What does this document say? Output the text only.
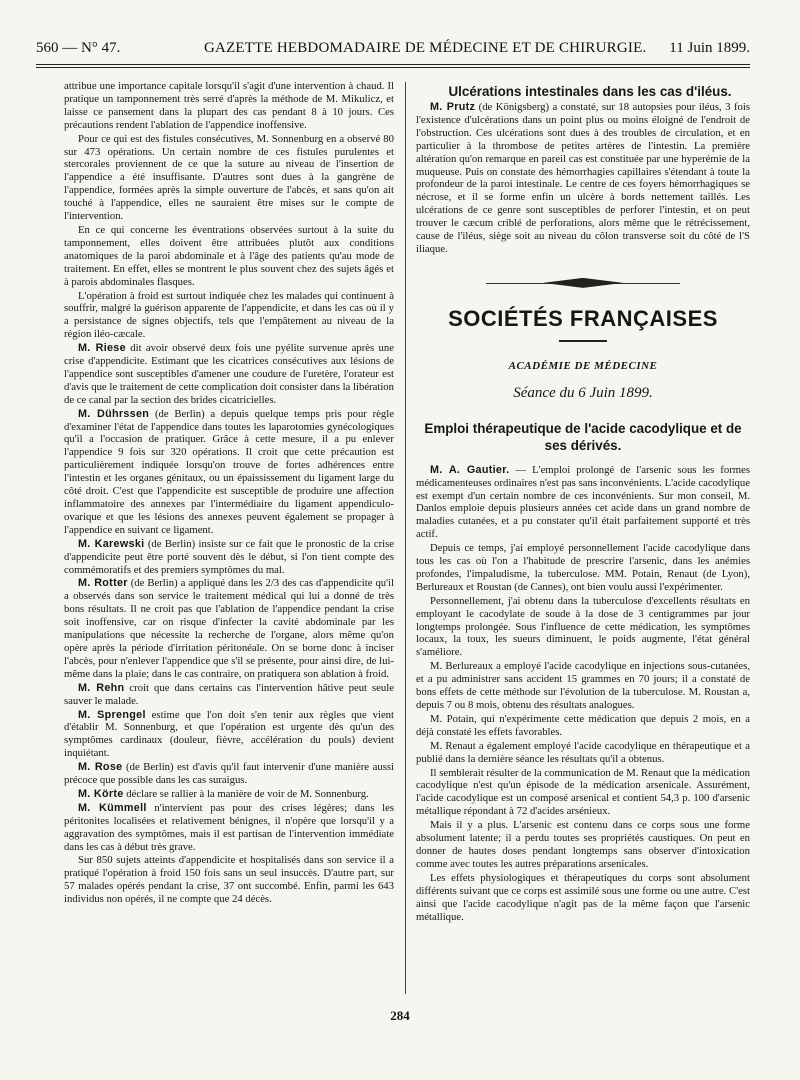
560 — N° 47.	GAZETTE HEBDOMADAIRE DE MÉDECINE ET DE CHIRURGIE. 11 Juin 1899.

attribue une importance capitale lorsqu'il s'agit d'une intervention à chaud. Il pratique un tamponnement très serré d'après la méthode de M. Mikulicz, et laisse ce pansement dans la plupart des cas pendant 8 à 10 jours. Ces précautions rendent l'ablation de l'appendice inoffensive.

Pour ce qui est des fistules consécutives, M. Sonnenburg en a observé 80 sur 473 opérations. Un certain nombre de ces fistules purulentes et stercorales proviennent de ce que la suture au niveau de l'insertion de l'appendice a été insuffisante. D'autres sont dues à la gangrène de l'appendice, formées après la simple ouverture de l'abcès, et sans qu'on ait touché à l'appendice, elles ne sauraient être mises sur le compte de l'intervention.

En ce qui concerne les éventrations observées surtout à la suite du tamponnement, elles doivent être attribuées plutôt aux conditions anatomiques de la paroi abdominale et à l'âge des patients qu'au mode de traitement. En effet, elles se montrent le plus souvent chez des sujets âgés et à parois abdominales flasques.

L'opération à froid est surtout indiquée chez les malades qui continuent à souffrir, malgré la guérison apparente de l'appendicite, et dans les cas où il y a persistance de signes objectifs, tels que l'empâtement au niveau de la région iléo-cæcale.

M. Riese dit avoir observé deux fois une pyélite survenue après une crise d'appendicite. Estimant que les cicatrices consécutives aux lésions de l'appendice sont susceptibles d'amener une coudure de l'uretère, l'orateur est d'avis que le traitement de cette complication doit consister dans la libération de ce canal par la section des brides cicatricielles.

M. Dührssen (de Berlin) a depuis quelque temps pris pour règle d'examiner l'état de l'appendice dans toutes les laparotomies gynécologiques qu'il a l'occasion de pratiquer. Grâce à cette mesure, il a pu enlever l'appendice 9 fois sur 320 opérations. Il croit que cette précaution est particulièrement indiquée lorsqu'on trouve de fortes adhérences entre l'intestin et les organes génitaux, ou un épaississement du ligament large du côté droit. C'est que l'appendicite est susceptible de produire une affection inflammatoire des annexes par l'intermédiaire du ligament appendiculo-ovarique et que les lésions des annexes peuvent également se propager à l'appendice en suivant ce ligament.

M. Karewski (de Berlin) insiste sur ce fait que le pronostic de la crise d'appendicite peut être porté souvent dès le début, si l'on tient compte des commémoratifs et des premiers symptômes du mal.

M. Rotter (de Berlin) a appliqué dans les 2/3 des cas d'appendicite qu'il a observés dans son service le traitement médical qui lui a donné de très bons résultats. Il ne croit pas que l'ablation de l'appendice pendant la crise soit inoffensive, car on risque d'infecter la cavité abdominale par les manipulations que nécessite la recherche de l'organe, alors même qu'on opère après la période d'irritation péritonéale. On se borne donc à inciser l'abcès, pour n'enlever l'appendice que s'il se présente, pour ainsi dire, de lui-même dans la plaie; dans le cas contraire, on pratiquera son ablation à froid.

M. Rehn croit que dans certains cas l'intervention hâtive peut seule sauver le malade.

M. Sprengel estime que l'on doit s'en tenir aux règles que vient d'établir M. Sonnenburg, et que l'opération est urgente dès qu'un des symptômes cardinaux (douleur, fièvre, accélération du pouls) devient inquiétant.

M. Rose (de Berlin) est d'avis qu'il faut intervenir d'une manière aussi précoce que possible dans les cas suraigus.

M. Körte déclare se rallier à la manière de voir de M. Sonnenburg.

M. Kümmell n'intervient pas pour des crises légères; dans les péritonites localisées et relativement bénignes, il n'opère que lorsqu'il y a aggravation des symptômes, mais il est partisan de l'intervention immédiate dans les cas à début très grave.

Sur 850 sujets atteints d'appendicite et hospitalisés dans son service il a pratiqué l'opération à froid 150 fois sans un seul insuccès. D'autre part, sur 57 malades opérés pendant la crise, 37 ont succombé. Enfin, parmi les 643 individus non opérés, il ne compte que 24 décès.

Ulcérations intestinales dans les cas d'iléus.

M. Prutz (de Königsberg) a constaté, sur 18 autopsies pour iléus, 3 fois l'existence d'ulcérations dans un point plus ou moins éloigné de l'endroit de l'obstruction. Ces ulcérations sont dues à des troubles de circulation, et en particulier à la thrombose de petites artères de l'intestin. La première altération qu'on remarque en pareil cas est constituée par une hyperémie de la muqueuse. Puis on constate des hémorrhagies capillaires s'étendant à toute la profondeur de la paroi intestinale. Le centre de ces foyers hémorrhagiques se nécrose, et il se forme enfin un ulcère à bords nettement taillés. Les ulcérations de ce genre sont susceptibles de perforer l'intestin, et on peut trouver le cæcum criblé de perforations, alors même que le rétrécissement, cause de l'iléus, siège soit au niveau du côlon transverse soit du côté de l'S iliaque.

SOCIÉTÉS FRANÇAISES
ACADÉMIE DE MÉDECINE
Séance du 6 Juin 1899.
Emploi thérapeutique de l'acide cacodylique et de ses dérivés.

M. A. Gautier. — L'emploi prolongé de l'arsenic sous les formes médicamenteuses ordinaires n'est pas sans inconvénients. L'acide cacodylique est exempt d'un certain nombre de ces inconvénients. Sur mon conseil, M. Danlos emploie depuis plusieurs années cet acide dans un grand nombre de maladies cutanées, et a pu constater qu'il était parfaitement supporté et très actif.

Depuis ce temps, j'ai employé personnellement l'acide cacodylique dans tous les cas où l'on a l'habitude de prescrire l'arsenic, dans les anémies profondes, l'impaludisme, la tuberculose. MM. Potain, Renaut (de Lyon), Berlureaux et Roustan (de Cannes), ont bien voulu aussi l'expérimenter.

Personnellement, j'ai obtenu dans la tuberculose d'excellents résultats en employant le cacodylate de soude à la dose de 3 centigrammes par jour longtemps prolongée. Sous l'influence de cette médication, les symptômes locaux, la toux, les sueurs diminuent, le poids augmente, l'état général s'améliore.

M. Berlureaux a employé l'acide cacodylique en injections sous-cutanées, et a pu administrer sans accident 15 grammes en 70 jours; il a constaté de bons effets de cette méthode sur l'évolution de la tuberculose. M. Roustan a, depuis 7 ou 8 mois, obtenu des résultats analogues.

M. Potain, qui n'expérimente cette médication que depuis 2 mois, en a déjà constaté les effets favorables.

M. Renaut a également employé l'acide cacodylique en thérapeutique et a publié dans la dernière séance les résultats qu'il a obtenus.

Il semblerait résulter de la communication de M. Renaut que la médication cacodylique n'est qu'un épisode de la médication arsenicale. Assurément, l'acide cacodylique est un composé arsenical et contient 54,3 p. 100 d'arsenic métallique répondant à 72 d'acides arsénieux.

Mais il y a plus. L'arsenic est contenu dans ce corps sous une forme absolument latente; il a perdu toutes ses propriétés caustiques. On peut en donner de hautes doses pendant longtemps sans observer d'intoxication comme avec toutes les autres préparations arsenicales.

Les effets physiologiques et thérapeutiques du corps sont absolument différents suivant que ce corps est assimilé sous une forme ou une autre. C'est ainsi que l'acide cacodylique n'agit pas de la même façon que l'arsenic métallique.

284
